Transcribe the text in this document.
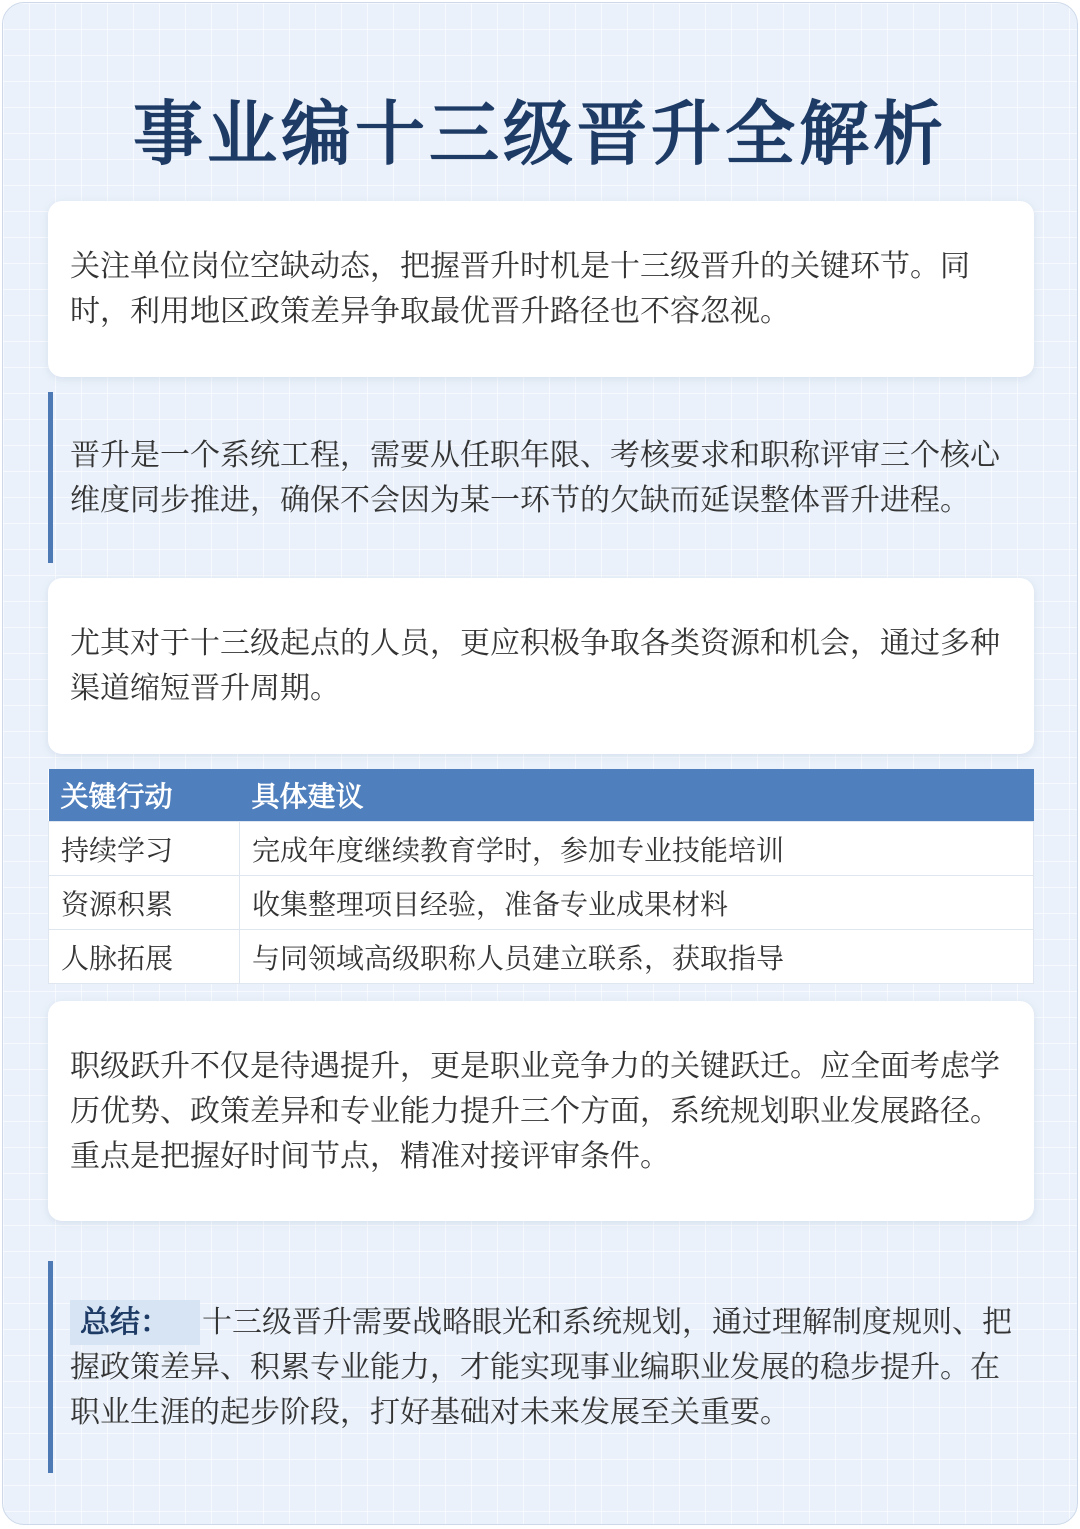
事业编十三级晋升全解析

关注单位岗位空缺动态，把握晋升时机是十三级晋升的关键环节。同时，利用地区政策差异争取最优晋升路径也不容忽视。

晋升是一个系统工程，需要从任职年限、考核要求和职称评审三个核心维度同步推进，确保不会因为某一环节的欠缺而延误整体晋升进程。

尤其对于十三级起点的人员，更应积极争取各类资源和机会，通过多种渠道缩短晋升周期。

关键行动	具体建议
持续学习	完成年度继续教育学时，参加专业技能培训
资源积累	收集整理项目经验，准备专业成果材料
人脉拓展	与同领域高级职称人员建立联系，获取指导

职级跃升不仅是待遇提升，更是职业竞争力的关键跃迁。应全面考虑学历优势、政策差异和专业能力提升三个方面，系统规划职业发展路径。重点是把握好时间节点，精准对接评审条件。

总结： 十三级晋升需要战略眼光和系统规划，通过理解制度规则、把握政策差异、积累专业能力，才能实现事业编职业发展的稳步提升。在职业生涯的起步阶段，打好基础对未来发展至关重要。
